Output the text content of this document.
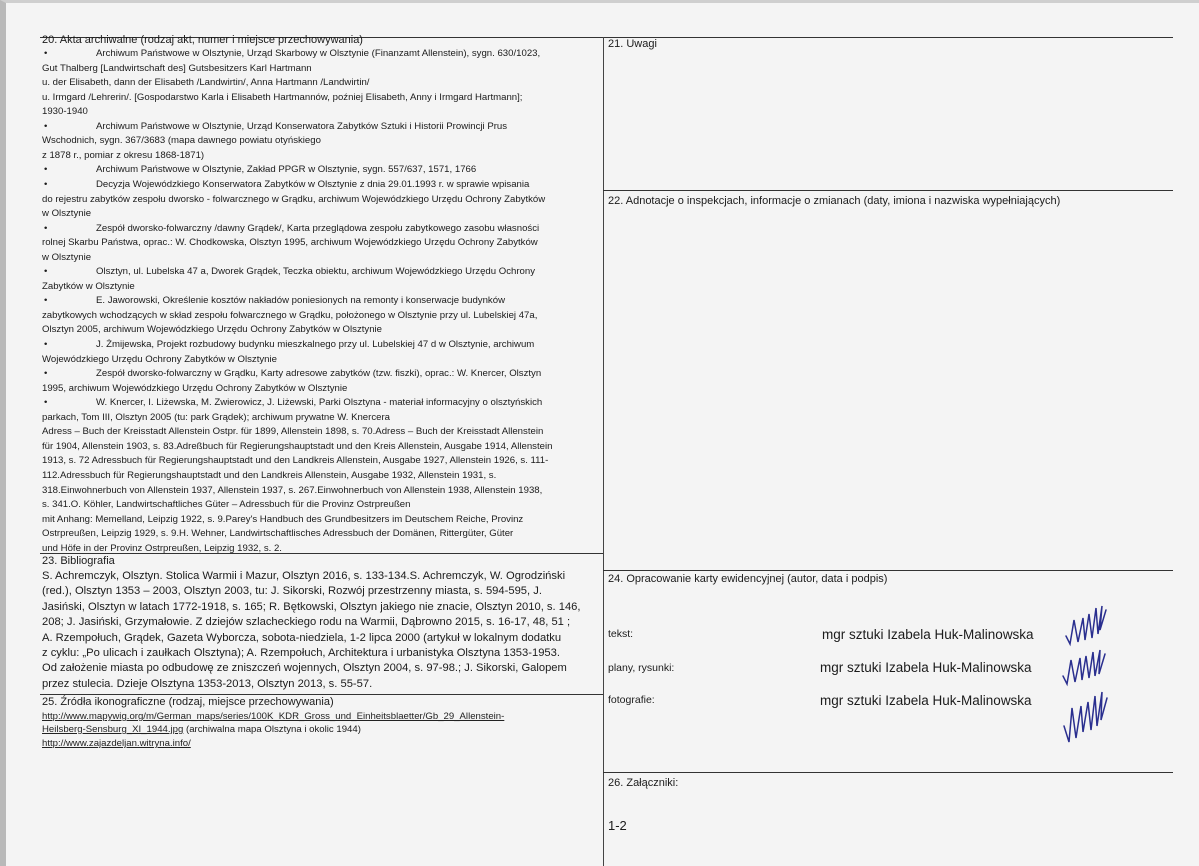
20. Akta archiwalne (rodzaj akt, numer i miejsce przechowywania)
•	Archiwum Państwowe w Olsztynie, Urząd Skarbowy w Olsztynie (Finanzamt Allenstein), sygn. 630/1023,
Gut Thalberg [Landwirtschaft des] Gutsbesitzers Karl Hartmann
u. der Elisabeth, dann der Elisabeth /Landwirtin/, Anna Hartmann /Landwirtin/
u. Irmgard /Lehrerin/. [Gospodarstwo Karla i Elisabeth Hartmannów, poźniej Elisabeth, Anny i Irmgard Hartmann];
1930-1940
•	Archiwum Państwowe w Olsztynie, Urząd Konserwatora Zabytków Sztuki i Historii Prowincji Prus
Wschodnich, sygn. 367/3683 (mapa dawnego powiatu otyńskiego
z 1878 r., pomiar z okresu 1868-1871)
•	Archiwum Państwowe w Olsztynie, Zakład PPGR w Olsztynie, sygn. 557/637, 1571, 1766
•	Decyzja Wojewódzkiego Konserwatora Zabytków w Olsztynie z dnia 29.01.1993 r. w sprawie wpisania
do rejestru zabytków zespołu dworsko - folwarcznego w Grądku, archiwum Wojewódzkiego Urzędu Ochrony Zabytków
w Olsztynie
•	Zespół dworsko-folwarczny /dawny Grądek/, Karta przeglądowa zespołu zabytkowego zasobu własności
rolnej Skarbu Państwa, oprac.: W. Chodkowska, Olsztyn 1995, archiwum Wojewódzkiego Urzędu Ochrony Zabytków
w Olsztynie
•	Olsztyn, ul. Lubelska 47 a, Dworek Grądek, Teczka obiektu, archiwum Wojewódzkiego Urzędu Ochrony
Zabytków w Olsztynie
•	E. Jaworowski, Określenie kosztów nakładów poniesionych na remonty i konserwacje budynków
zabytkowych wchodzących w skład zespołu folwarcznego w Grądku, położonego w Olsztynie przy ul. Lubelskiej 47a,
Olsztyn 2005, archiwum Wojewódzkiego Urzędu Ochrony Zabytków w Olsztynie
•	J. Żmijewska, Projekt rozbudowy budynku mieszkalnego przy ul. Lubelskiej 47 d w Olsztynie, archiwum
Wojewódzkiego Urzędu Ochrony Zabytków w Olsztynie
•	Zespół dworsko-folwarczny w Grądku, Karty adresowe zabytków (tzw. fiszki), oprac.: W. Knercer, Olsztyn
1995, archiwum Wojewódzkiego Urzędu Ochrony Zabytków w Olsztynie
•	W. Knercer, I. Liżewska, M. Zwierowicz, J. Liżewski, Parki Olsztyna - materiał informacyjny o olsztyńskich
parkach, Tom III, Olsztyn 2005 (tu: park Grądek); archiwum prywatne W. Knercera
Adress – Buch der Kreisstadt Allenstein Ostpr. für 1899, Allenstein 1898, s. 70.Adress – Buch der Kreisstadt Allenstein
für 1904, Allenstein 1903, s. 83.Adreßbuch für Regierungshauptstadt und den Kreis Allenstein, Ausgabe 1914, Allenstein
1913, s. 72 Adressbuch für Regierungshauptstadt und den Landkreis Allenstein, Ausgabe 1927, Allenstein 1926, s. 111-
112.Adressbuch für Regierungshauptstadt und den Landkreis Allenstein, Ausgabe 1932, Allenstein 1931, s.
318.Einwohnerbuch von Allenstein 1937, Allenstein 1937, s. 267.Einwohnerbuch von Allenstein 1938, Allenstein 1938,
s. 341.O. Köhler, Landwirtschaftliches Güter – Adressbuch für die Provinz Ostrpreußen
mit Anhang: Memelland, Leipzig 1922, s. 9.Parey's Handbuch des Grundbesitzers im Deutschem Reiche, Provinz
Ostrpreußen, Leipzig 1929, s. 9.H. Wehner, Landwirtschaftlisches Adressbuch der Domänen, Rittergüter, Güter
und Höfe in der Provinz Ostrpreußen, Leipzig 1932, s. 2.
23. Bibliografia
S. Achremczyk, Olsztyn. Stolica Warmii i Mazur, Olsztyn 2016, s. 133-134.S. Achremczyk, W. Ogrodziński
(red.), Olsztyn 1353 – 2003, Olsztyn 2003, tu: J. Sikorski, Rozwój przestrzenny miasta, s. 594-595, J.
Jasiński, Olsztyn w latach 1772-1918, s. 165; R. Bętkowski, Olsztyn jakiego nie znacie, Olsztyn 2010, s. 146,
208; J. Jasiński, Grzymałowie. Z dziejów szlacheckiego rodu na Warmii, Dąbrowno 2015, s. 16-17, 48, 51 ;
A. Rzempołuch, Grądek, Gazeta Wyborcza, sobota-niedziela, 1-2 lipca 2000 (artykuł w lokalnym dodatku
z cyklu: „Po ulicach i zaułkach Olsztyna); A. Rzempołuch, Architektura i urbanistyka Olsztyna 1353-1953.
Od założenie miasta po odbudowę ze zniszczeń wojennych, Olsztyn 2004, s. 97-98.; J. Sikorski, Galopem
przez stulecia. Dzieje Olsztyna 1353-2013, Olsztyn 2013, s. 55-57.
25. Źródła ikonograficzne (rodzaj, miejsce przechowywania)
http://www.mapywig.org/m/German_maps/series/100K_KDR_Gross_und_Einheitsblaetter/Gb_29_Allenstein-
Heilsberg-Sensburg_XI_1944.jpg (archiwalna mapa Olsztyna i okolic 1944)
http://www.zajazdeljan.witryna.info/
21. Uwagi
22. Adnotacje o inspekcjach, informacje o zmianach (daty, imiona i nazwiska wypełniających)
24. Opracowanie karty ewidencyjnej (autor, data i podpis)
tekst:	mgr sztuki Izabela Huk-Malinowska
plany, rysunki:	mgr sztuki Izabela Huk-Malinowska
fotografie:	mgr sztuki Izabela Huk-Malinowska
26. Załączniki:
1-2
